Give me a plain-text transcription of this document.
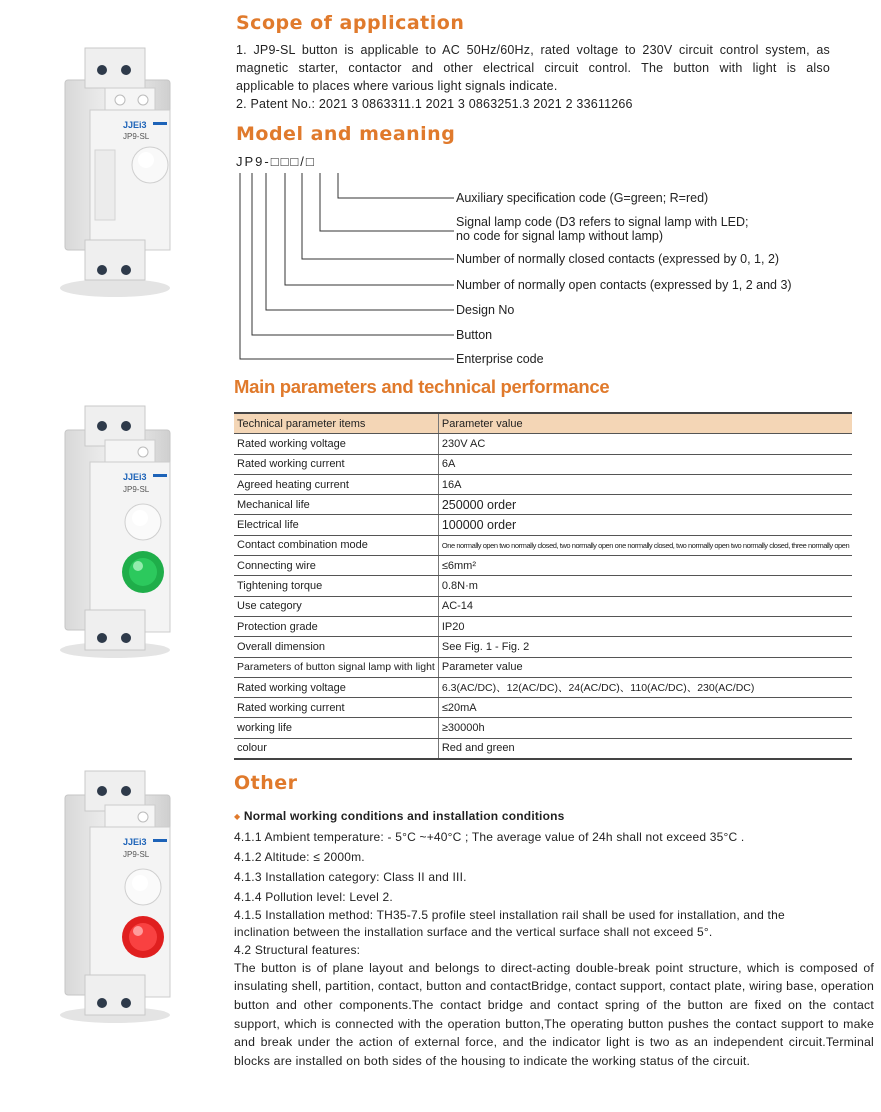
JJEi3
JP9-SL
JJEi3
JP9-SL
JJEi3
JP9-SL
Scope of application
1. JP9-SL button is applicable to AC 50Hz/60Hz, rated voltage to 230V circuit control system, as
magnetic starter, contactor and other electrical circuit control. The button with light is also
applicable to places where various light signals indicate.
2. Patent No.: 2021 3 0863311.1 2021 3 0863251.3 2021 2 33611266
Model and meaning
JP9-□□□/□
Auxiliary specification code (G=green; R=red)
Signal lamp code (D3 refers to signal lamp with LED;
no code for signal lamp without lamp)
Number of normally closed contacts (expressed by 0, 1, 2)
Number of normally open contacts (expressed by 1, 2 and 3)
Design No
Button
Enterprise code
Main parameters and technical performance
Technical parameter items	Parameter value
Rated working voltage	230V AC
Rated working current	6A
Agreed heating current	16A
Mechanical life	250000 order
Electrical life	100000 order
Contact combination mode	One normally open two normally closed, two normally open one normally closed, two normally open two normally closed, three normally open
Connecting wire	≤6mm²
Tightening torque	0.8N·m
Use category	AC-14
Protection grade	IP20
Overall dimension	See Fig. 1 - Fig. 2
Parameters of button signal lamp with light	Parameter value
Rated working voltage	6.3(AC/DC)、12(AC/DC)、24(AC/DC)、110(AC/DC)、230(AC/DC)
Rated working current	≤20mA
working life	≥30000h
colour	Red and green
Other
◆ Normal working conditions and installation conditions
4.1.1 Ambient temperature: - 5°C ~+40°C ; The average value of 24h shall not exceed 35°C .
4.1.2 Altitude: ≤ 2000m.
4.1.3 Installation category: Class II and III.
4.1.4 Pollution level: Level 2.
4.1.5 Installation method: TH35-7.5 profile steel installation rail shall be used for installation, and the
inclination between the installation surface and the vertical surface shall not exceed 5°.
4.2 Structural features:
The button is of plane layout and belongs to direct-acting double-break point structure, which is composed of insulating shell, partition, contact, button and contactBridge, contact support, contact plate, wiring base, operation button and other components.The contact bridge and contact spring of the button are fixed on the contact support, which is connected with the operation button,The operating button pushes the contact support to make and break under the action of external force, and the indicator light is two as an independent circuit.Terminal blocks are installed on both sides of the housing to indicate the working status of the circuit.
